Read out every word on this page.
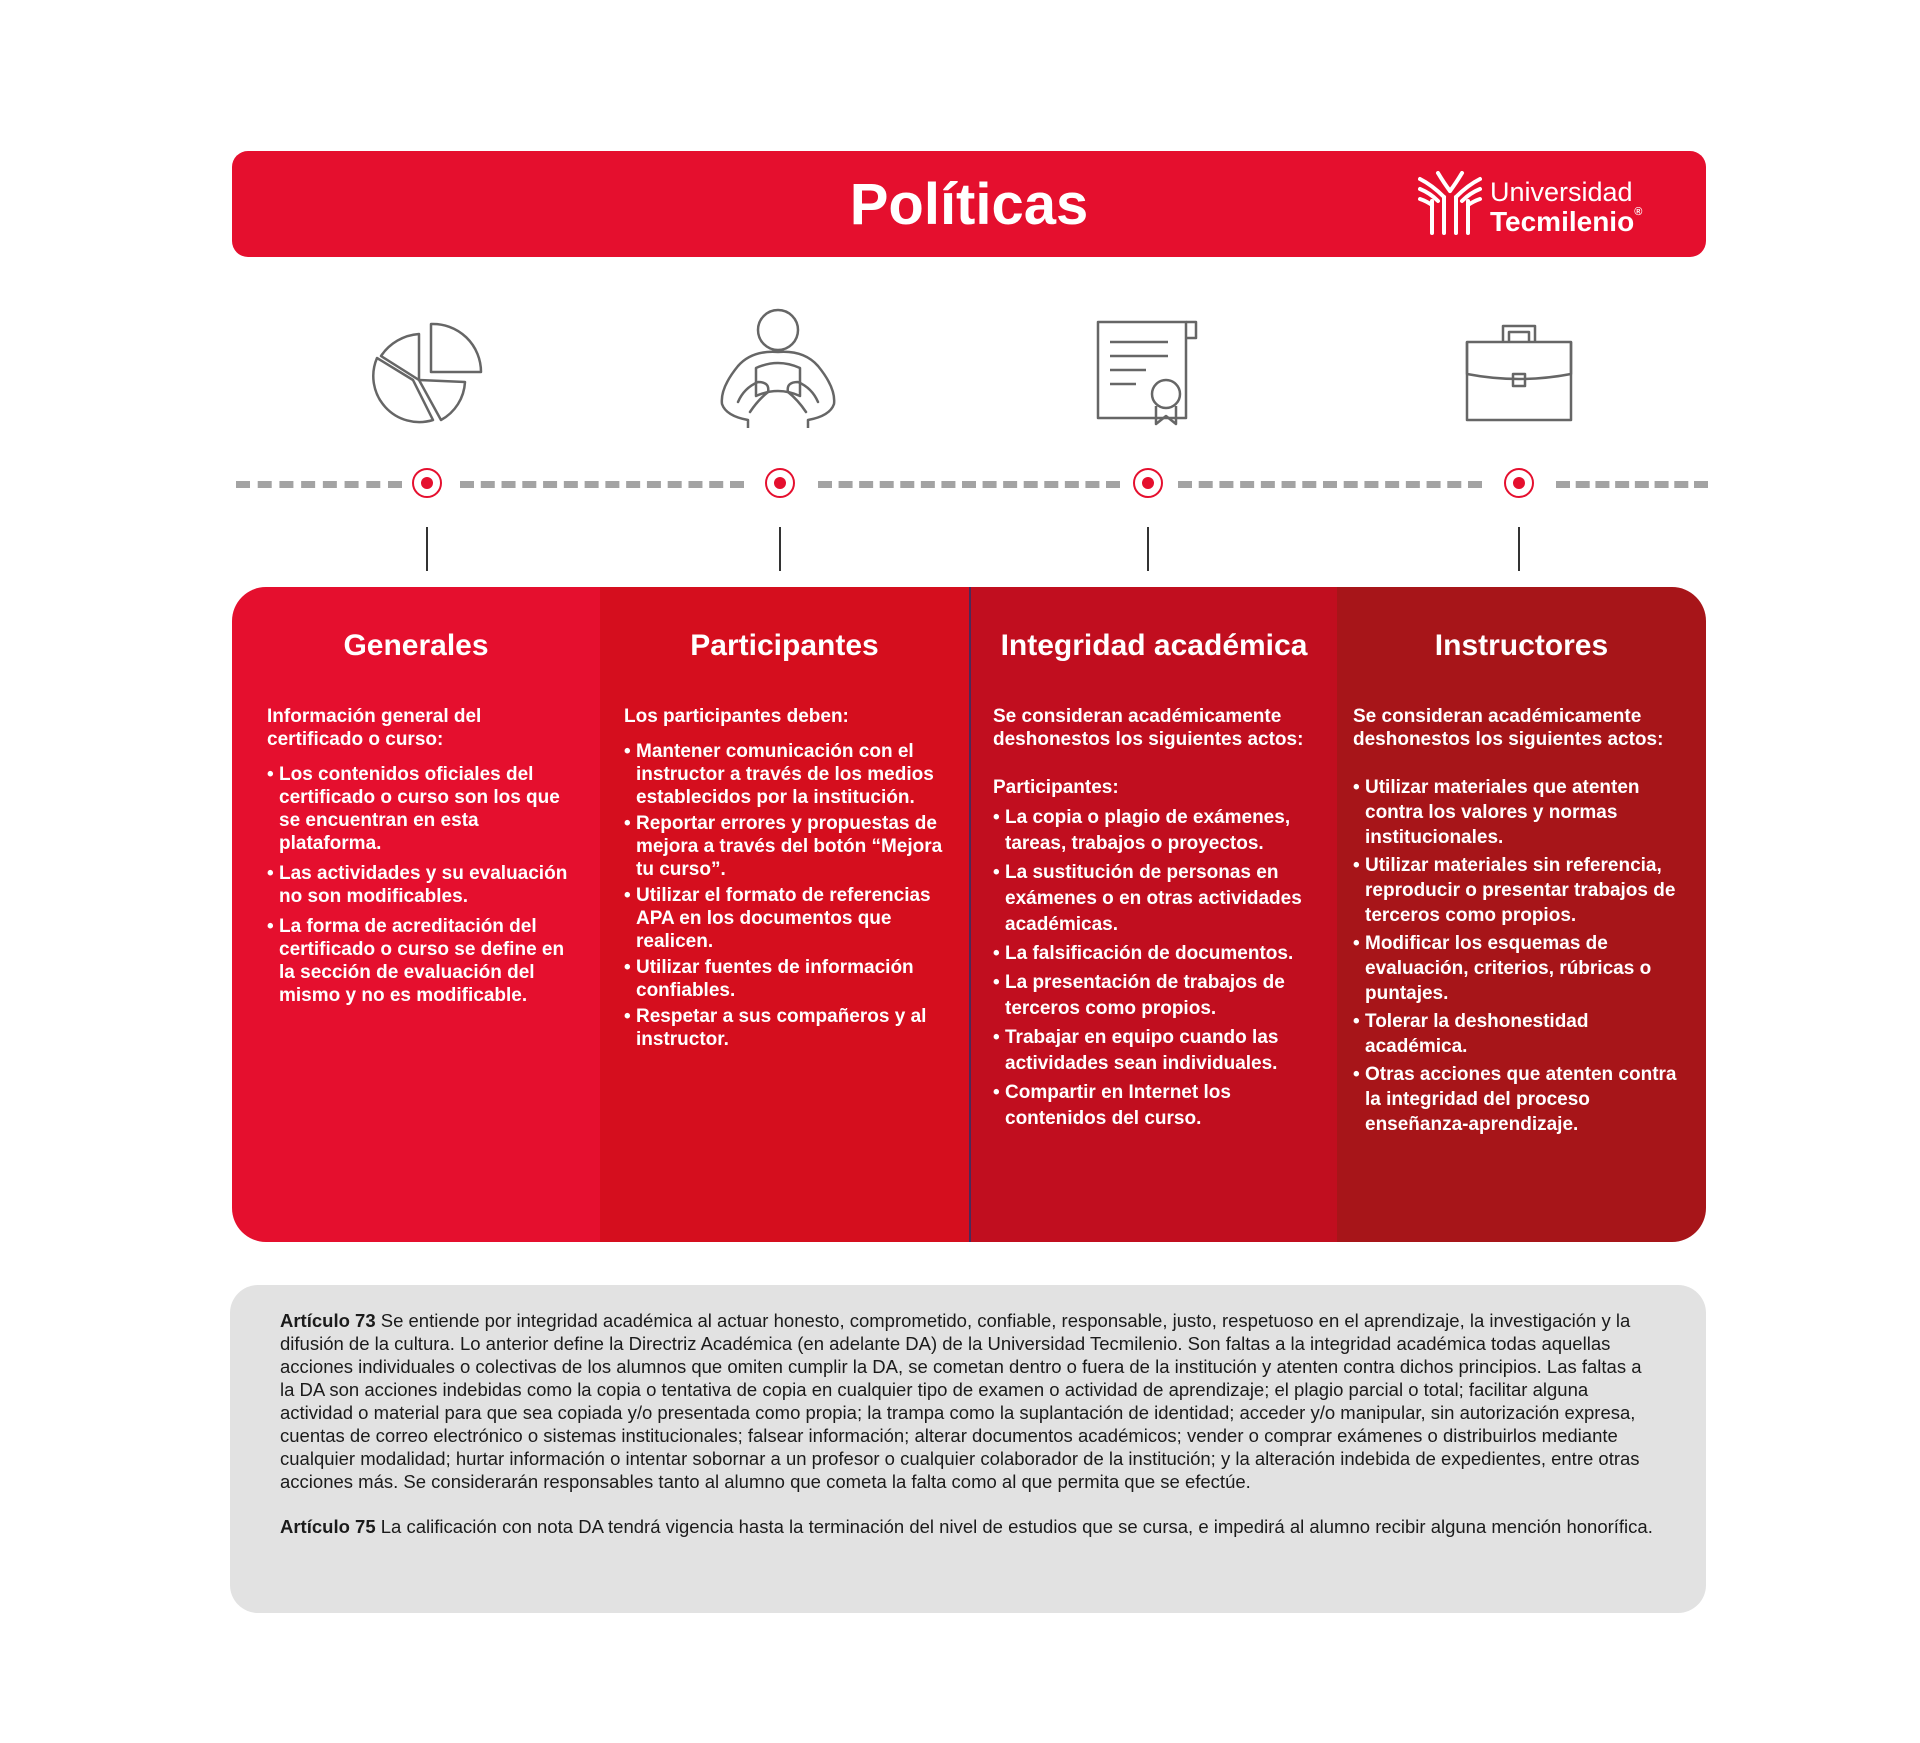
Políticas	Universidad
Tecmilenio®
Generales
Información general del certificado o curso:
• Los contenidos oficiales del certificado o curso son los que se encuentran en esta plataforma.
• Las actividades y su evaluación no son modificables.
• La forma de acreditación del certificado o curso se define en la sección de evaluación del mismo y no es modificable.
Participantes
Los participantes deben:
• Mantener comunicación con el instructor a través de los medios establecidos por la institución.
• Reportar errores y propuestas de mejora a través del botón “Mejora tu curso”.
• Utilizar el formato de referencias APA en los documentos que realicen.
• Utilizar fuentes de información confiables.
• Respetar a sus compañeros y al instructor.
Integridad académica
Se consideran académicamente deshonestos los siguientes actos:
Participantes:
• La copia o plagio de exámenes, tareas, trabajos o proyectos.
• La sustitución de personas en exámenes o en otras actividades académicas.
• La falsificación de documentos.
• La presentación de trabajos de terceros como propios.
• Trabajar en equipo cuando las actividades sean individuales.
• Compartir en Internet los contenidos del curso.
Instructores
Se consideran académicamente deshonestos los siguientes actos:
• Utilizar materiales que atenten contra los valores y normas institucionales.
• Utilizar materiales sin referencia, reproducir o presentar trabajos de terceros como propios.
• Modificar los esquemas de evaluación, criterios, rúbricas o puntajes.
• Tolerar la deshonestidad académica.
• Otras acciones que atenten contra la integridad del proceso enseñanza-aprendizaje.

Artículo 73 Se entiende por integridad académica al actuar honesto, comprometido, confiable, responsable, justo, respetuoso en el aprendizaje, la investigación y la difusión de la cultura. Lo anterior define la Directriz Académica (en adelante DA) de la Universidad Tecmilenio. Son faltas a la integridad académica todas aquellas acciones individuales o colectivas de los alumnos que omiten cumplir la DA, se cometan dentro o fuera de la institución y atenten contra dichos principios. Las faltas a la DA son acciones indebidas como la copia o tentativa de copia en cualquier tipo de examen o actividad de aprendizaje; el plagio parcial o total; facilitar alguna actividad o material para que sea copiada y/o presentada como propia; la trampa como la suplantación de identidad; acceder y/o manipular, sin autorización expresa, cuentas de correo electrónico o sistemas institucionales; falsear información; alterar documentos académicos; vender o comprar exámenes o distribuirlos mediante cualquier modalidad; hurtar información o intentar sobornar a un profesor o cualquier colaborador de la institución; y la alteración indebida de expedientes, entre otras acciones más. Se considerarán responsables tanto al alumno que cometa la falta como al que permita que se efectúe.

Artículo 75 La calificación con nota DA tendrá vigencia hasta la terminación del nivel de estudios que se cursa, e impedirá al alumno recibir alguna mención honorífica.
